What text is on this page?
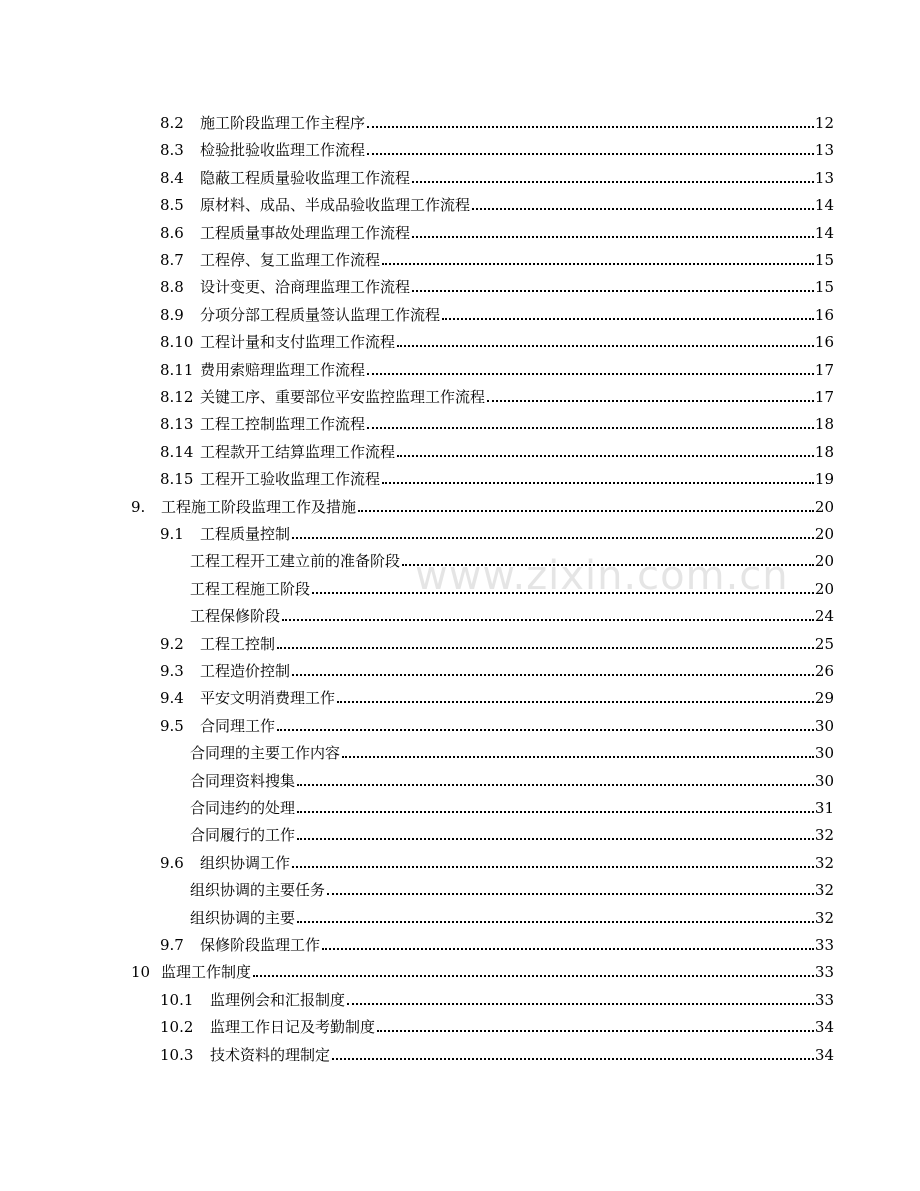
8.2	施工阶段监理工作主程序	12
8.3	检验批验收监理工作流程	13
8.4	隐蔽工程质量验收监理工作流程	13
8.5	原材料、成品、半成品验收监理工作流程	14
8.6	工程质量事故处理监理工作流程	14
8.7	工程停、复工监理工作流程	15
8.8	设计变更、洽商理监理工作流程	15
8.9	分项分部工程质量签认监理工作流程	16
8.10 工程计量和支付监理工作流程	16
8.11 费用索赔理监理工作流程	17
8.12 关键工序、重要部位平安监控监理工作流程	17
8.13 工程工控制监理工作流程	18
8.14 工程款开工结算监理工作流程	18
8.15 工程开工验收监理工作流程	19
9.	工程施工阶段监理工作及措施	20
9.1	工程质量控制	20
工程工程开工建立前的准备阶段	20
工程工程施工阶段	20
工程保修阶段	24
9.2	工程工控制	25
9.3	工程造价控制	26
9.4	平安文明消费理工作	29
9.5	合同理工作	30
合同理的主要工作内容	30
合同理资料搜集	30
合同违约的处理	31
合同履行的工作	32
9.6	组织协调工作	32
组织协调的主要任务	32
组织协调的主要	32
9.7	保修阶段监理工作	33
10 监理工作制度	33
10.1	监理例会和汇报制度	33
10.2	监理工作日记及考勤制度	34
10.3	技术资料的理制定	34
www.zixin.com.cn
